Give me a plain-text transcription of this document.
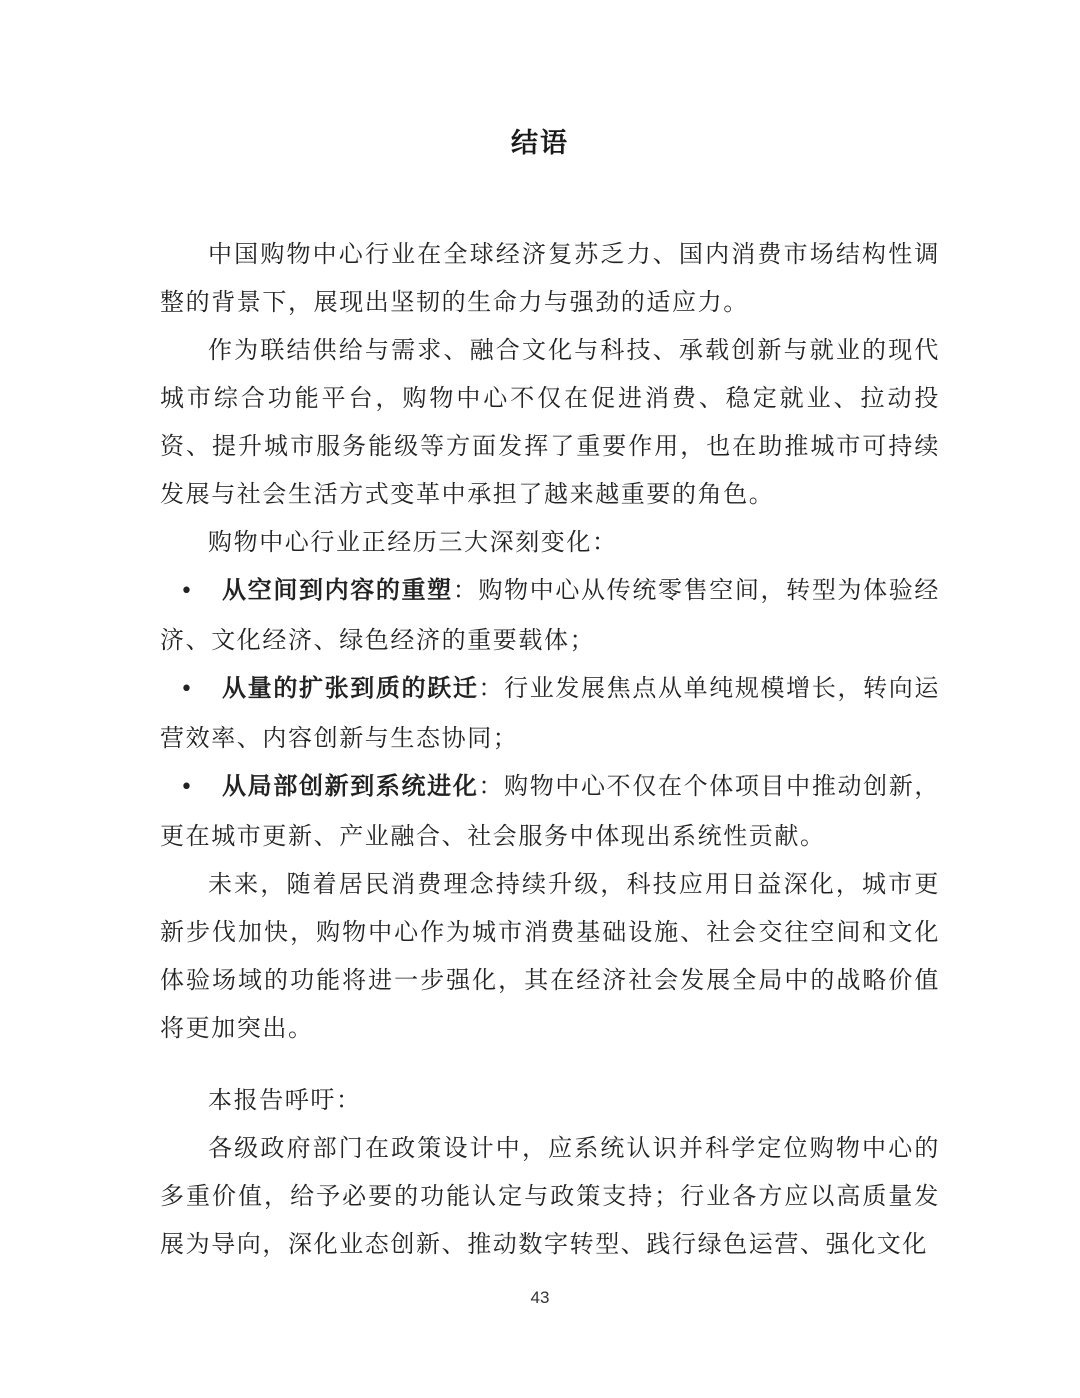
结语

中国购物中心行业在全球经济复苏乏力、国内消费市场结构性调整的背景下，展现出坚韧的生命力与强劲的适应力。

作为联结供给与需求、融合文化与科技、承载创新与就业的现代城市综合功能平台，购物中心不仅在促进消费、稳定就业、拉动投资、提升城市服务能级等方面发挥了重要作用，也在助推城市可持续发展与社会生活方式变革中承担了越来越重要的角色。

购物中心行业正经历三大深刻变化：

• 从空间到内容的重塑：购物中心从传统零售空间，转型为体验经济、文化经济、绿色经济的重要载体；

• 从量的扩张到质的跃迁：行业发展焦点从单纯规模增长，转向运营效率、内容创新与生态协同；

• 从局部创新到系统进化：购物中心不仅在个体项目中推动创新，更在城市更新、产业融合、社会服务中体现出系统性贡献。

未来，随着居民消费理念持续升级，科技应用日益深化，城市更新步伐加快，购物中心作为城市消费基础设施、社会交往空间和文化体验场域的功能将进一步强化，其在经济社会发展全局中的战略价值将更加突出。

本报告呼吁：

各级政府部门在政策设计中，应系统认识并科学定位购物中心的多重价值，给予必要的功能认定与政策支持；行业各方应以高质量发展为导向，深化业态创新、推动数字转型、践行绿色运营、强化文化

43
